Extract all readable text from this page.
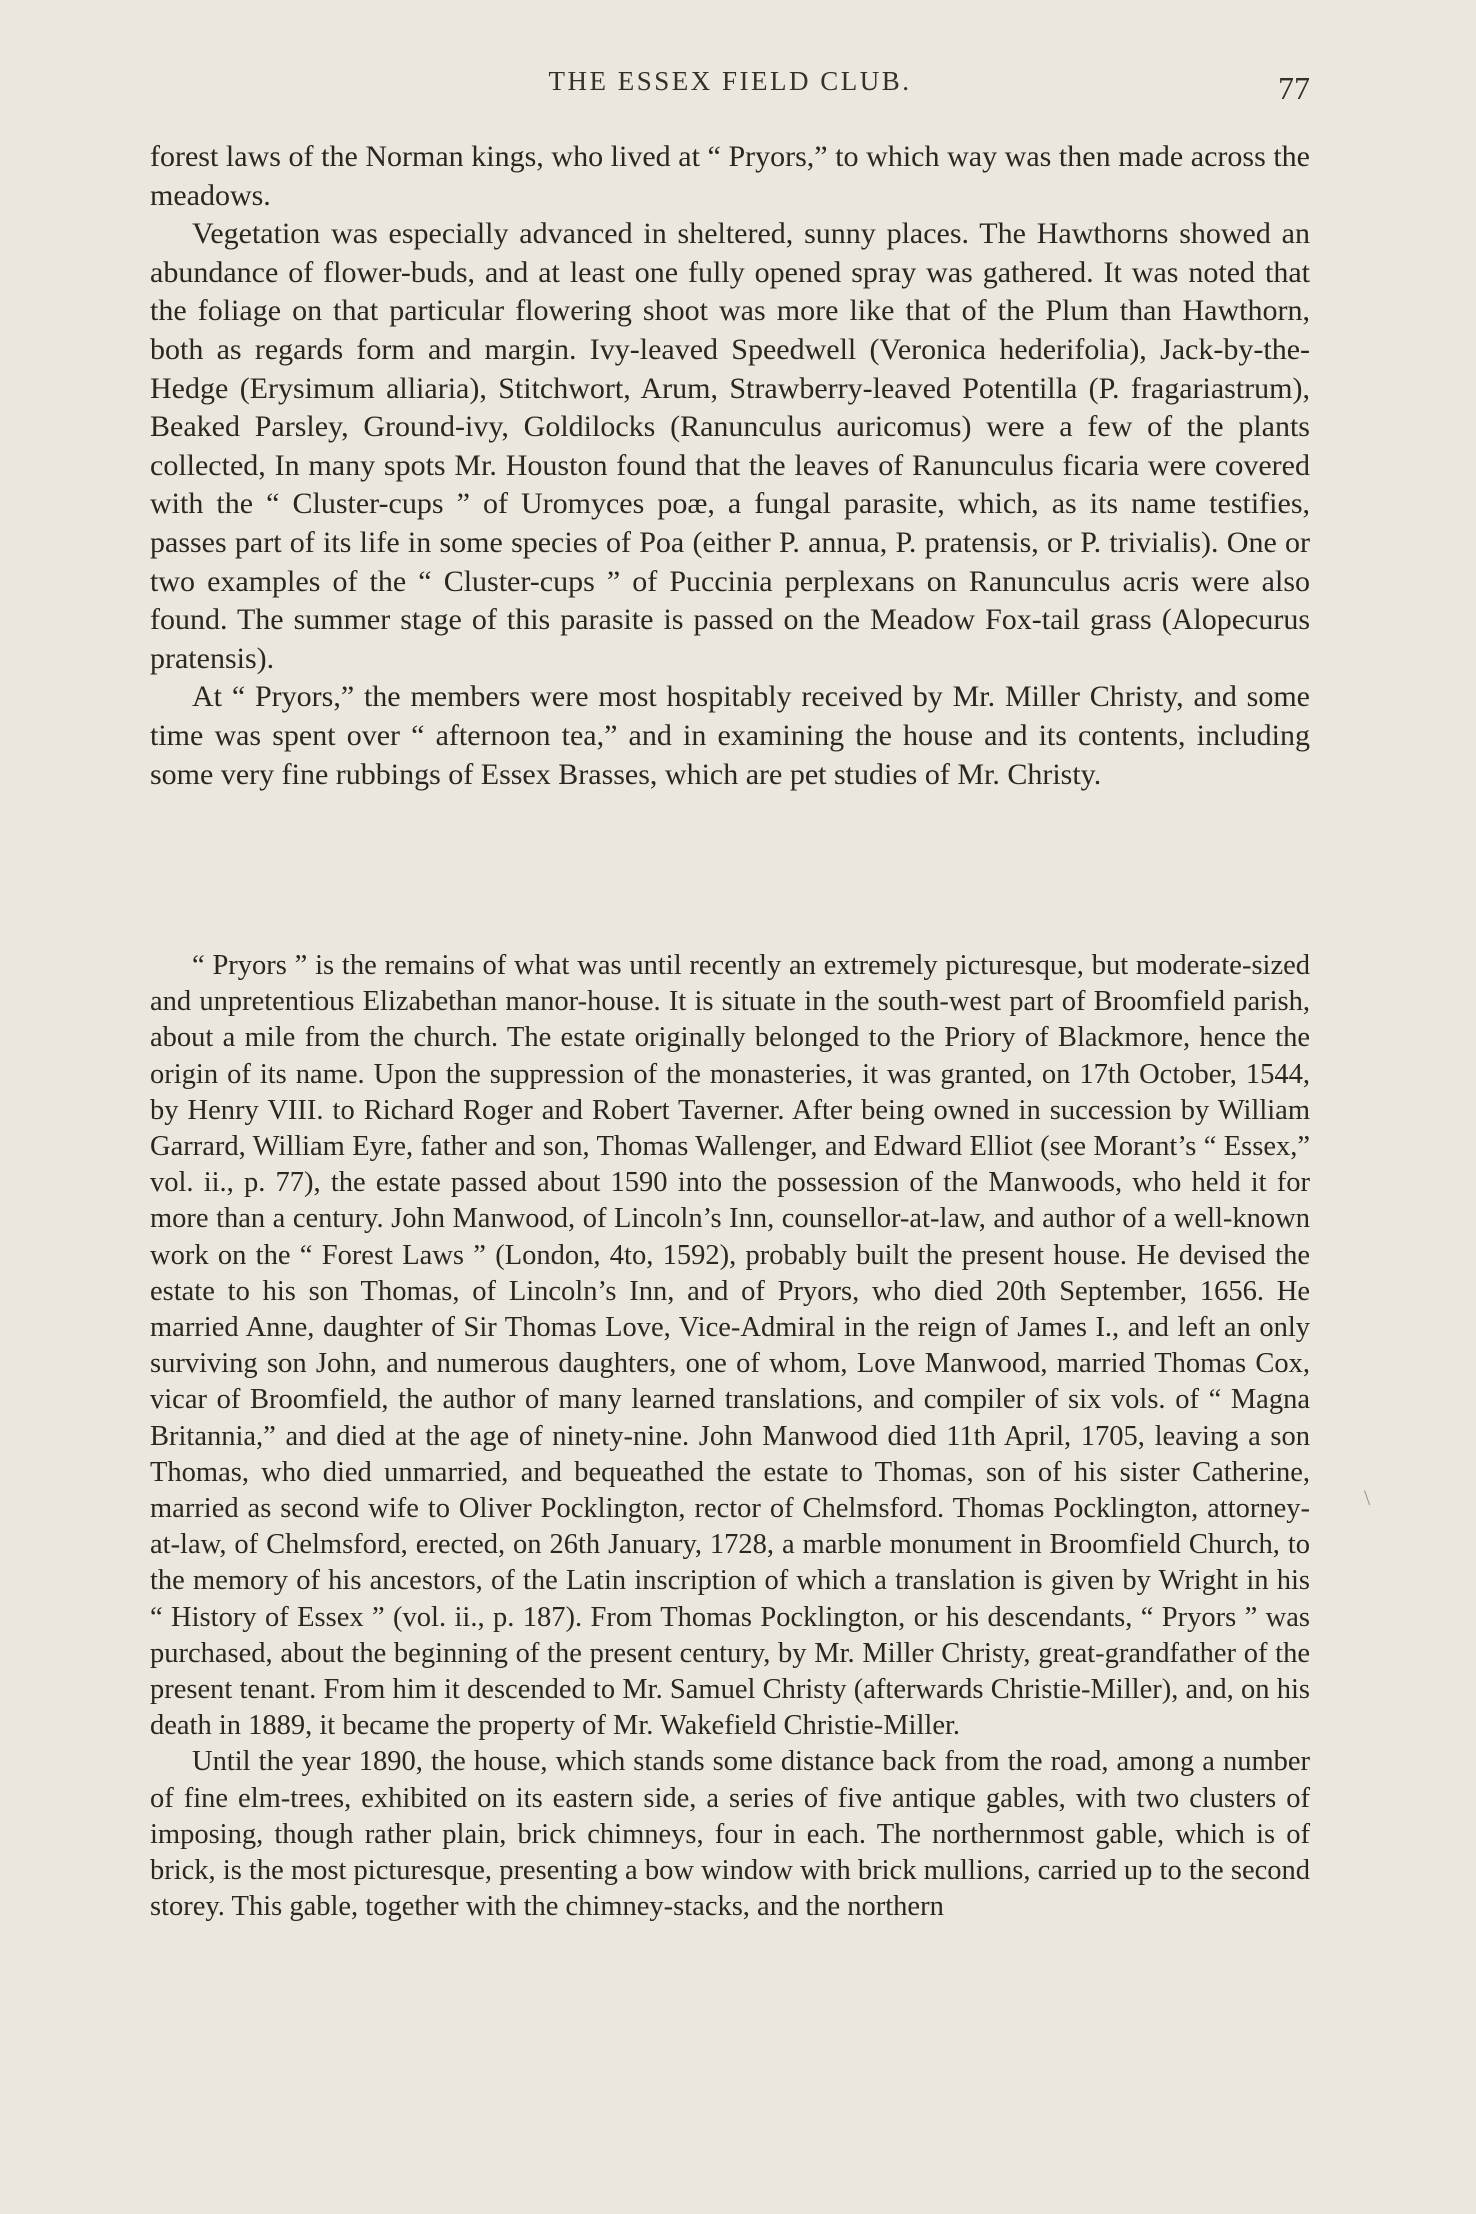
THE ESSEX FIELD CLUB.	77

forest laws of the Norman kings, who lived at “ Pryors,” to which way was then made across the meadows.

Vegetation was especially advanced in sheltered, sunny places. The Hawthorns showed an abundance of flower-buds, and at least one fully opened spray was gathered. It was noted that the foliage on that particular flowering shoot was more like that of the Plum than Hawthorn, both as regards form and margin. Ivy-leaved Speedwell (Veronica hederifolia), Jack-by-the-Hedge (Erysimum alliaria), Stitchwort, Arum, Strawberry-leaved Potentilla (P. fragariastrum), Beaked Parsley, Ground-ivy, Goldilocks (Ranunculus auricomus) were a few of the plants collected, In many spots Mr. Houston found that the leaves of Ranunculus ficaria were covered with the “ Cluster-cups ” of Uromyces poæ, a fungal parasite, which, as its name testifies, passes part of its life in some species of Poa (either P. annua, P. pratensis, or P. trivialis). One or two examples of the “ Cluster-cups ” of Puccinia perplexans on Ranunculus acris were also found. The summer stage of this parasite is passed on the Meadow Fox-tail grass (Alopecurus pratensis).

At “ Pryors,” the members were most hospitably received by Mr. Miller Christy, and some time was spent over “ afternoon tea,” and in examining the house and its contents, including some very fine rubbings of Essex Brasses, which are pet studies of Mr. Christy.

“ Pryors ” is the remains of what was until recently an extremely picturesque, but moderate-sized and unpretentious Elizabethan manor-house. It is situate in the south-west part of Broomfield parish, about a mile from the church. The estate originally belonged to the Priory of Blackmore, hence the origin of its name. Upon the suppression of the monasteries, it was granted, on 17th October, 1544, by Henry VIII. to Richard Roger and Robert Taverner. After being owned in succession by William Garrard, William Eyre, father and son, Thomas Wallenger, and Edward Elliot (see Morant’s “ Essex,” vol. ii., p. 77), the estate passed about 1590 into the possession of the Manwoods, who held it for more than a century. John Manwood, of Lincoln’s Inn, counsellor-at-law, and author of a well-known work on the “ Forest Laws ” (London, 4to, 1592), probably built the present house. He devised the estate to his son Thomas, of Lincoln’s Inn, and of Pryors, who died 20th September, 1656. He married Anne, daughter of Sir Thomas Love, Vice-Admiral in the reign of James I., and left an only surviving son John, and numerous daughters, one of whom, Love Manwood, married Thomas Cox, vicar of Broomfield, the author of many learned translations, and compiler of six vols. of “ Magna Britannia,” and died at the age of ninety-nine. John Manwood died 11th April, 1705, leaving a son Thomas, who died unmarried, and bequeathed the estate to Thomas, son of his sister Catherine, married as second wife to Oliver Pocklington, rector of Chelmsford. Thomas Pocklington, attorney-at-law, of Chelmsford, erected, on 26th January, 1728, a marble monument in Broomfield Church, to the memory of his ancestors, of the Latin inscription of which a translation is given by Wright in his “ History of Essex ” (vol. ii., p. 187). From Thomas Pocklington, or his descendants, “ Pryors ” was purchased, about the beginning of the present century, by Mr. Miller Christy, great-grandfather of the present tenant. From him it descended to Mr. Samuel Christy (afterwards Christie-Miller), and, on his death in 1889, it became the property of Mr. Wakefield Christie-Miller.

Until the year 1890, the house, which stands some distance back from the road, among a number of fine elm-trees, exhibited on its eastern side, a series of five antique gables, with two clusters of imposing, though rather plain, brick chimneys, four in each. The northernmost gable, which is of brick, is the most picturesque, presenting a bow window with brick mullions, carried up to the second storey. This gable, together with the chimney-stacks, and the northern

\
